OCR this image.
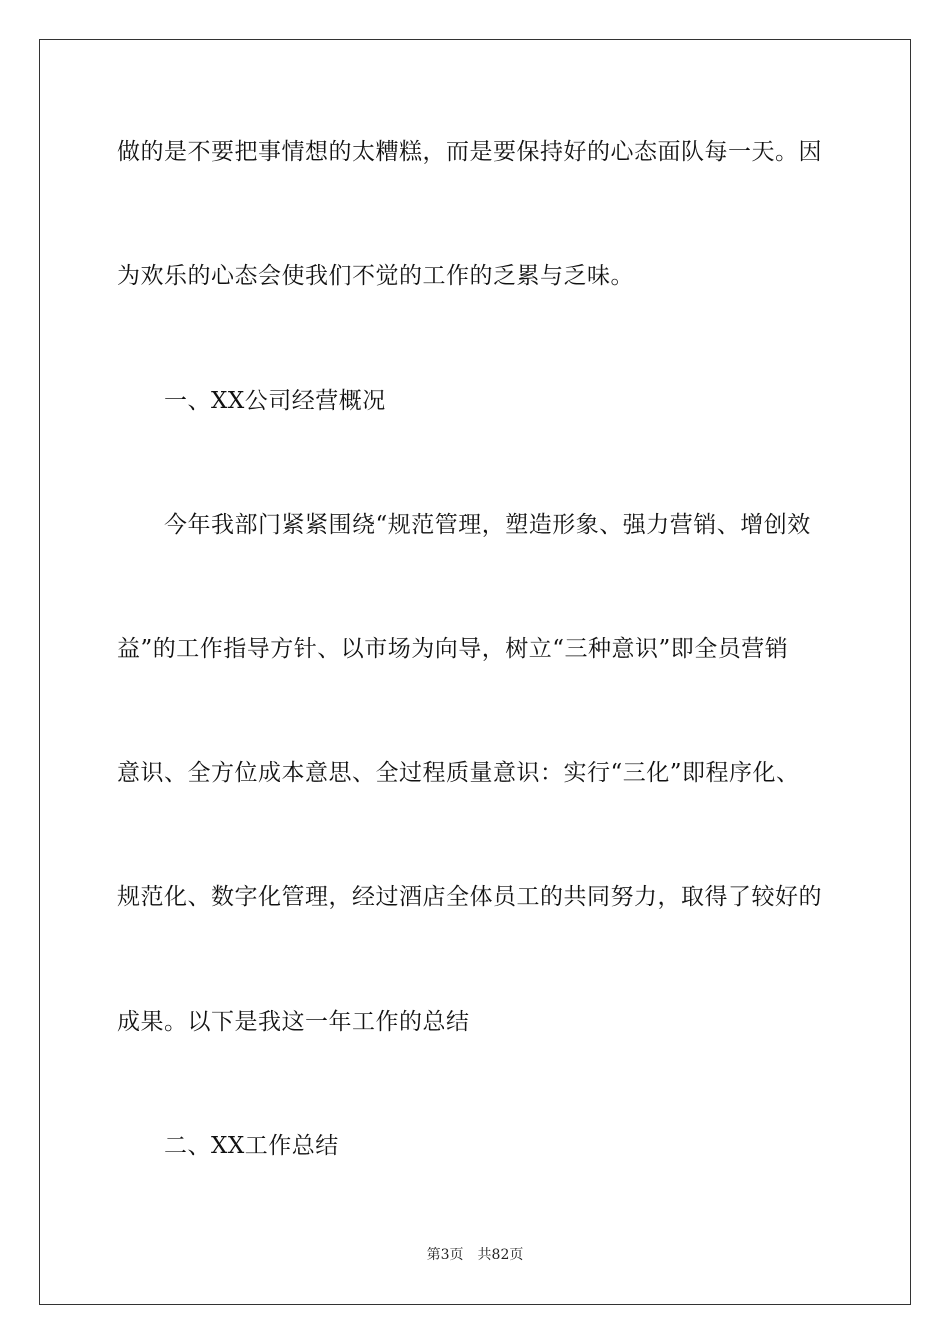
做的是不要把事情想的太糟糕，而是要保持好的心态面队每一天。因
为欢乐的心态会使我们不觉的工作的乏累与乏味。
一、XX公司经营概况
今年我部门紧紧围绕“规范管理，塑造形象、强力营销、增创效
益”的工作指导方针、以市场为向导，树立“三种意识”即全员营销
意识、全方位成本意思、全过程质量意识：实行“三化”即程序化、
规范化、数字化管理，经过酒店全体员工的共同努力，取得了较好的
成果。以下是我这一年工作的总结
二、XX工作总结
第3页 共82页
